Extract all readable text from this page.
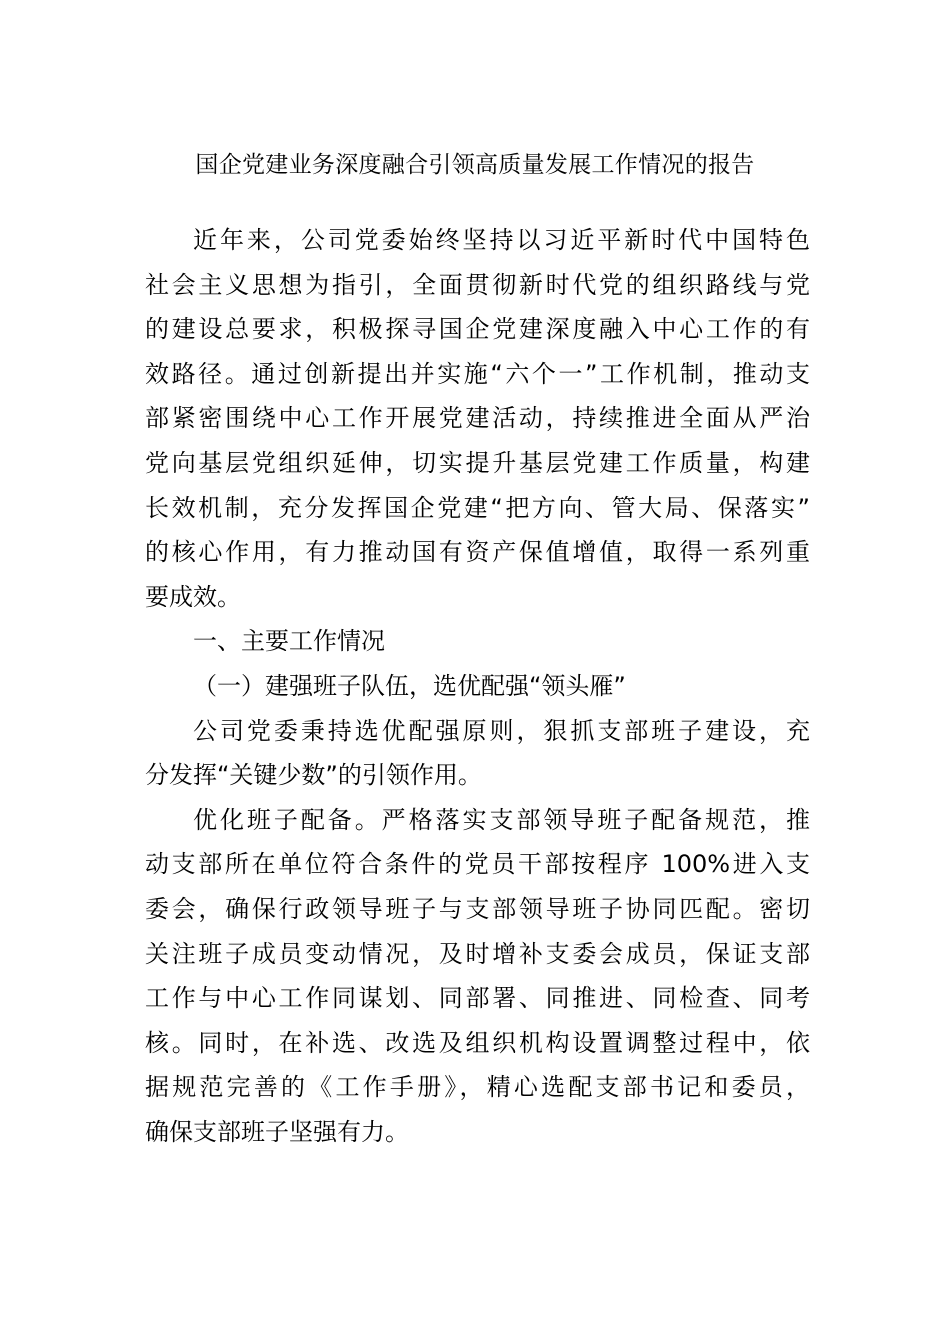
国企党建业务深度融合引领高质量发展工作情况的报告
近年来，公司党委始终坚持以习近平新时代中国特色
社会主义思想为指引，全面贯彻新时代党的组织路线与党
的建设总要求，积极探寻国企党建深度融入中心工作的有
效路径。通过创新提出并实施“六个一”工作机制，推动支
部紧密围绕中心工作开展党建活动，持续推进全面从严治
党向基层党组织延伸，切实提升基层党建工作质量，构建
长效机制，充分发挥国企党建“把方向、管大局、保落实”
的核心作用，有力推动国有资产保值增值，取得一系列重
要成效。
一、主要工作情况
（一）建强班子队伍，选优配强“领头雁”
公司党委秉持选优配强原则，狠抓支部班子建设，充
分发挥“关键少数”的引领作用。
优化班子配备。严格落实支部领导班子配备规范，推
动支部所在单位符合条件的党员干部按程序 100%进入支
委会，确保行政领导班子与支部领导班子协同匹配。密切
关注班子成员变动情况，及时增补支委会成员，保证支部
工作与中心工作同谋划、同部署、同推进、同检查、同考
核。同时，在补选、改选及组织机构设置调整过程中，依
据规范完善的《工作手册》，精心选配支部书记和委员，
确保支部班子坚强有力。
